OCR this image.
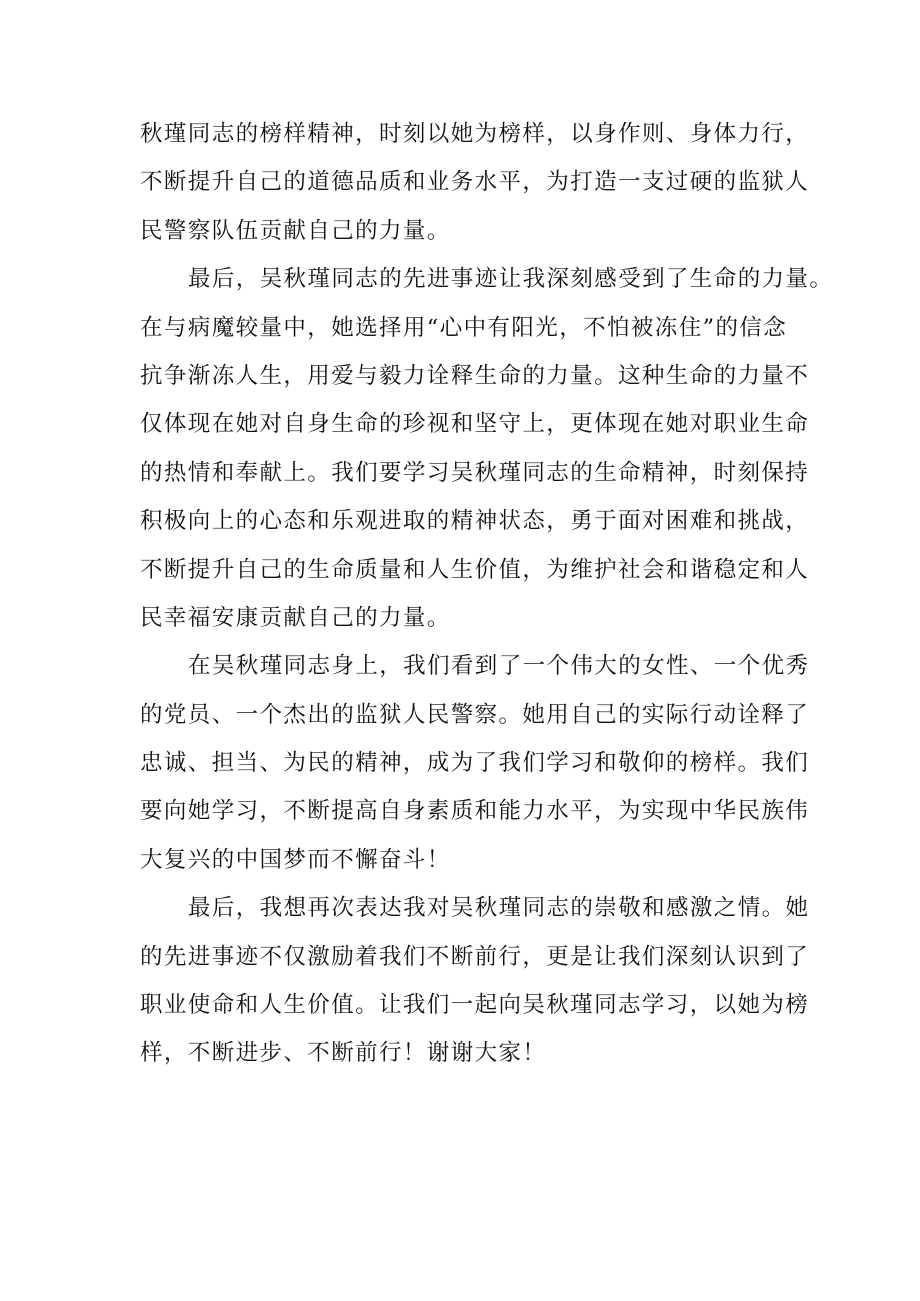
秋瑾同志的榜样精神，时刻以她为榜样，以身作则、身体力行，
不断提升自己的道德品质和业务水平，为打造一支过硬的监狱人
民警察队伍贡献自己的力量。
最后，吴秋瑾同志的先进事迹让我深刻感受到了生命的力量。
在与病魔较量中，她选择用“心中有阳光，不怕被冻住”的信念
抗争渐冻人生，用爱与毅力诠释生命的力量。这种生命的力量不
仅体现在她对自身生命的珍视和坚守上，更体现在她对职业生命
的热情和奉献上。我们要学习吴秋瑾同志的生命精神，时刻保持
积极向上的心态和乐观进取的精神状态，勇于面对困难和挑战，
不断提升自己的生命质量和人生价值，为维护社会和谐稳定和人
民幸福安康贡献自己的力量。
在吴秋瑾同志身上，我们看到了一个伟大的女性、一个优秀
的党员、一个杰出的监狱人民警察。她用自己的实际行动诠释了
忠诚、担当、为民的精神，成为了我们学习和敬仰的榜样。我们
要向她学习，不断提高自身素质和能力水平，为实现中华民族伟
大复兴的中国梦而不懈奋斗！
最后，我想再次表达我对吴秋瑾同志的崇敬和感激之情。她
的先进事迹不仅激励着我们不断前行，更是让我们深刻认识到了
职业使命和人生价值。让我们一起向吴秋瑾同志学习，以她为榜
样，不断进步、不断前行！谢谢大家！
